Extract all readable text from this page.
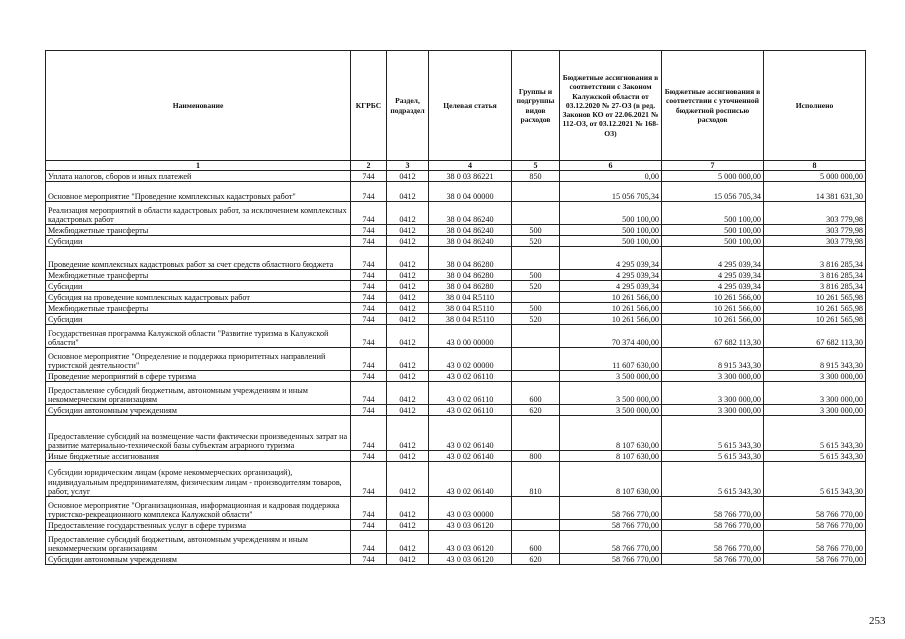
Наименование	КГРБС	Раздел, подраздел	Целевая статья	Группы и подгруппы видов расходов	Бюджетные ассигнования в соответствии с Законом Калужской области от 03.12.2020 № 27-ОЗ (в ред. Законов КО от 22.06.2021 № 112-ОЗ, от 03.12.2021 № 168-ОЗ)	Бюджетные ассигнования в соответствии с уточненной бюджетной росписью расходов	Исполнено
1	2	3	4	5	6	7	8
Уплата налогов, сборов и иных платежей	744	0412	38 0 03 86221	850	0,00	5 000 000,00	5 000 000,00
Основное мероприятие "Проведение комплексных кадастровых работ"	744	0412	38 0 04 00000		15 056 705,34	15 056 705,34	14 381 631,30
Реализация мероприятий в области кадастровых работ, за исключением комплексных кадастровых работ	744	0412	38 0 04 86240		500 100,00	500 100,00	303 779,98
Межбюджетные трансферты	744	0412	38 0 04 86240	500	500 100,00	500 100,00	303 779,98
Субсидии	744	0412	38 0 04 86240	520	500 100,00	500 100,00	303 779,98
Проведение комплексных кадастровых работ за счет средств областного бюджета	744	0412	38 0 04 86280		4 295 039,34	4 295 039,34	3 816 285,34
Межбюджетные трансферты	744	0412	38 0 04 86280	500	4 295 039,34	4 295 039,34	3 816 285,34
Субсидии	744	0412	38 0 04 86280	520	4 295 039,34	4 295 039,34	3 816 285,34
Субсидия на проведение комплексных кадастровых работ	744	0412	38 0 04 R5110		10 261 566,00	10 261 566,00	10 261 565,98
Межбюджетные трансферты	744	0412	38 0 04 R5110	500	10 261 566,00	10 261 566,00	10 261 565,98
Субсидии	744	0412	38 0 04 R5110	520	10 261 566,00	10 261 566,00	10 261 565,98
Государственная программа Калужской области "Развитие туризма в Калужской области"	744	0412	43 0 00 00000		70 374 400,00	67 682 113,30	67 682 113,30
Основное мероприятие "Определение и поддержка приоритетных направлений туристской деятельности"	744	0412	43 0 02 00000		11 607 630,00	8 915 343,30	8 915 343,30
Проведение мероприятий в сфере туризма	744	0412	43 0 02 06110		3 500 000,00	3 300 000,00	3 300 000,00
Предоставление субсидий бюджетным, автономным учреждениям и иным некоммерческим организациям	744	0412	43 0 02 06110	600	3 500 000,00	3 300 000,00	3 300 000,00
Субсидии автономным учреждениям	744	0412	43 0 02 06110	620	3 500 000,00	3 300 000,00	3 300 000,00
Предоставление субсидий на возмещение части фактически произведенных затрат на развитие материально-технической базы субъектам аграрного туризма	744	0412	43 0 02 06140		8 107 630,00	5 615 343,30	5 615 343,30
Иные бюджетные ассигнования	744	0412	43 0 02 06140	800	8 107 630,00	5 615 343,30	5 615 343,30
Субсидии юридическим лицам (кроме некоммерческих организаций), индивидуальным предпринимателям, физическим лицам - производителям товаров, работ, услуг	744	0412	43 0 02 06140	810	8 107 630,00	5 615 343,30	5 615 343,30
Основное мероприятие "Организационная, информационная и кадровая поддержка туристско-рекреационного комплекса Калужской области"	744	0412	43 0 03 00000		58 766 770,00	58 766 770,00	58 766 770,00
Предоставление государственных услуг в сфере туризма	744	0412	43 0 03 06120		58 766 770,00	58 766 770,00	58 766 770,00
Предоставление субсидий бюджетным, автономным учреждениям и иным некоммерческим организациям	744	0412	43 0 03 06120	600	58 766 770,00	58 766 770,00	58 766 770,00
Субсидии автономным учреждениям	744	0412	43 0 03 06120	620	58 766 770,00	58 766 770,00	58 766 770,00
253
